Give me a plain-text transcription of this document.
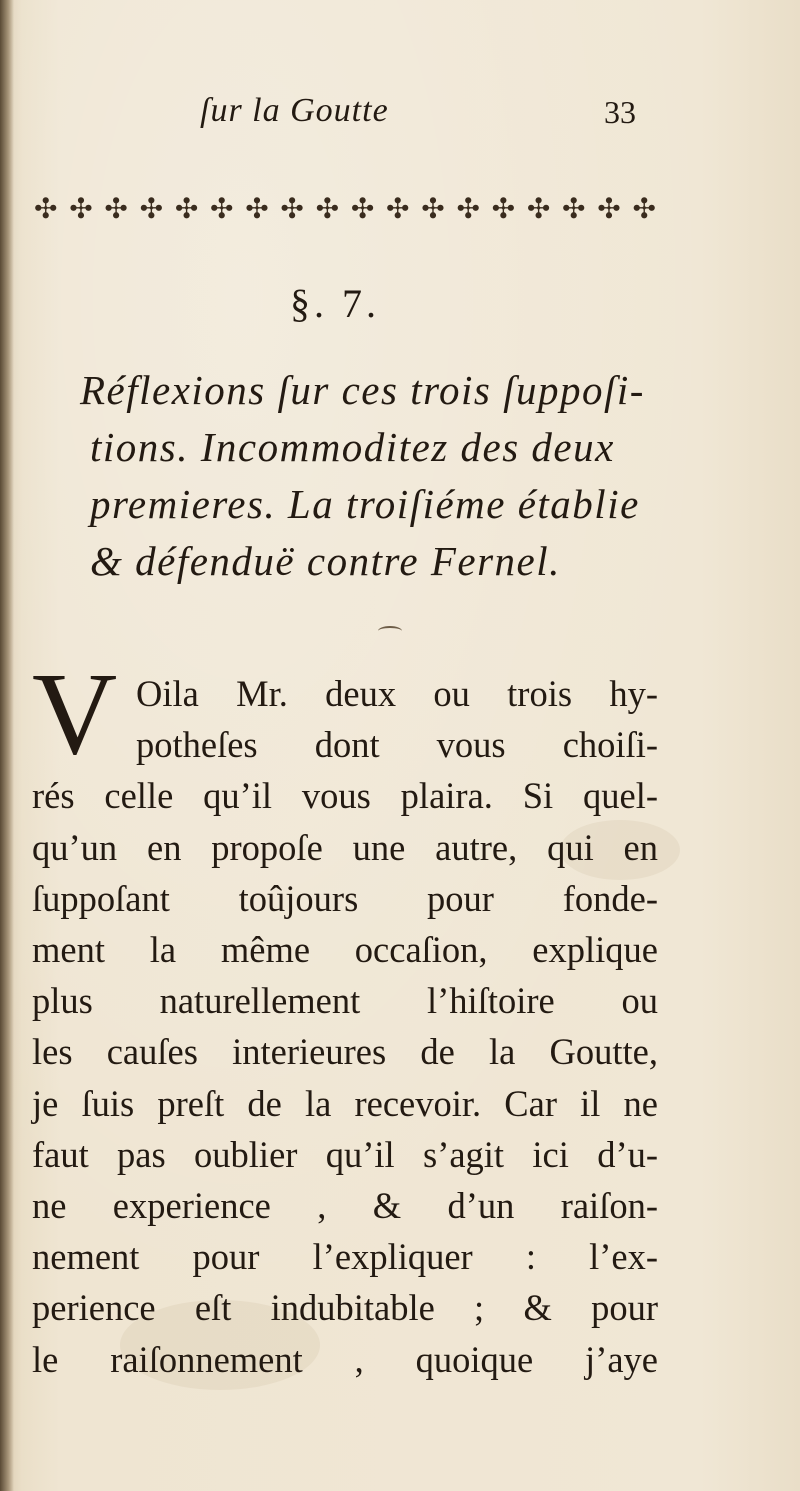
ſur la Goutte	33
✣ ✣ ✣ ✣ ✣ ✣ ✣ ✣ ✣ ✣ ✣ ✣ ✣ ✣ ✣ ✣ ✣ ✣
§. 7.
Réflexions ſur ces trois ſuppoſi-
tions. Incommoditez des deux
premieres. La troiſiéme établie
& défenduë contre Fernel.
V Oila Mr. deux ou trois hy-
potheſes dont vous choiſi-
rés celle qu’il vous plaira. Si quel-
qu’un en propoſe une autre, qui en
ſuppoſant toûjours pour fonde-
ment la même occaſion, explique
plus naturellement l’hiſtoire ou
les cauſes interieures de la Goutte,
je ſuis preſt de la recevoir. Car il ne
faut pas oublier qu’il s’agit ici d’u-
ne experience , & d’un raiſon-
nement pour l’expliquer : l’ex-
perience eſt indubitable ; & pour
le raiſonnement , quoique j’aye
